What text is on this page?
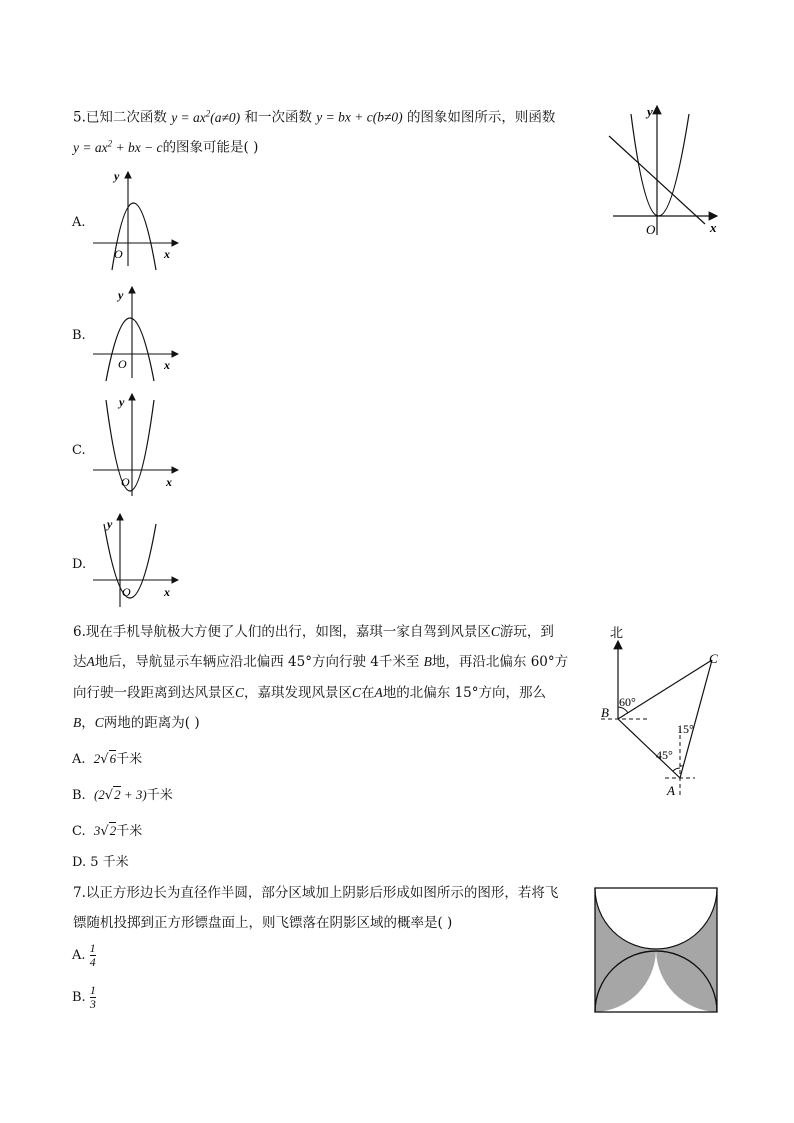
5.已知二次函数 $y = ax^2(a\ne 0)$ 和一次函数 y = bx + c(b≠0) 的图象如图所示，则函数
$y = ax^2$ + bx − c的图象可能是( )
y
x
O
A.
y
x
O
B.
y
x
O
C.
y
x
O
D.
y
x
O
6.现在手机导航极大方便了人们的出行，如图，嘉琪一家自驾到风景区C游玩，到
达A地后，导航显示车辆应沿北偏西 45°方向行驶 4千米至 B地，再沿北偏东 60°方
向行驶一段距离到达风景区C，嘉琪发现风景区C在A地的北偏东 15°方向，那么
B，C两地的距离为( )
A. 2√6千米
B. (2√2 + 3)千米
C. 3√2千米
D. 5 千米
北
B
C
A
60°
15°
45°
7.以正方形边长为直径作半圆，部分区域加上阴影后形成如图所示的图形，若将飞
镖随机投掷到正方形镖盘面上，则飞镖落在阴影区域的概率是( )
A. $\frac{1}{4}$
B. $\frac{1}{3}$
